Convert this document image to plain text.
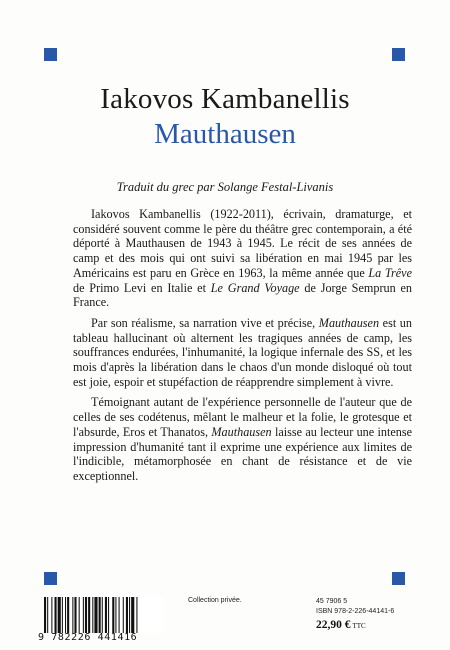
Iakovos Kambanellis
Mauthausen
Traduit du grec par Solange Festal-Livanis

Iakovos Kambanellis (1922-2011), écrivain, dramaturge, et considéré souvent comme le père du théâtre grec contemporain, a été déporté à Mauthausen de 1943 à 1945. Le récit de ses années de camp et des mois qui ont suivi sa libération en mai 1945 par les Américains est paru en Grèce en 1963, la même année que La Trêve de Primo Levi en Italie et Le Grand Voyage de Jorge Semprun en France.

Par son réalisme, sa narration vive et précise, Mauthausen est un tableau hallucinant où alternent les tragiques années de camp, les souffrances endurées, l'inhumanité, la logique infernale des SS, et les mois d'après la libération dans le chaos d'un monde disloqué où tout est joie, espoir et stupéfaction de réapprendre simplement à vivre.

Témoignant autant de l'expérience personnelle de l'auteur que de celles de ses codétenus, mêlant le malheur et la folie, le grotesque et l'absurde, Eros et Thanatos, Mauthausen laisse au lecteur une intense impression d'humanité tant il exprime une expérience aux limites de l'indicible, métamorphosée en chant de résistance et de vie exceptionnel.

9 782226 441416
Collection privée.	45 7906 5
ISBN 978-2-226-44141-6
22,90 € TTC
